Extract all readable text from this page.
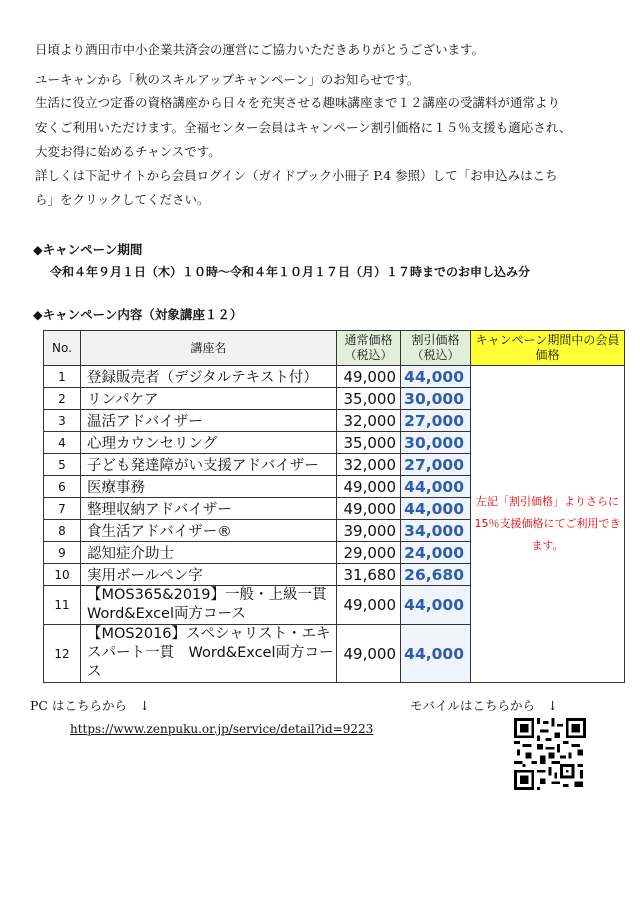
日頃より酒田市中小企業共済会の運営にご協力いただきありがとうございます。
ユーキャンから「秋のスキルアップキャンペーン」のお知らせです。
生活に役立つ定番の資格講座から日々を充実させる趣味講座まで１２講座の受講料が通常より
安くご利用いただけます。全福センター会員はキャンペーン割引価格に１５％支援も適応され、
大変お得に始めるチャンスです。
詳しくは下記サイトから会員ログイン（ガイドブック小冊子 P.4 参照）して「お申込みはこち
ら」をクリックしてください。
◆キャンペーン期間
令和４年９月１日（木）１０時～令和４年１０月１７日（月）１７時までのお申し込み分
◆キャンペーン内容（対象講座１２）
No.	講座名	通常価格（税込）	割引価格（税込）	キャンペーン期間中の会員価格
1	登録販売者（デジタルテキスト付）	49,000	44,000	左記「割引価格」よりさらに 15％支援価格にてご利用できます。
2	リンパケア	35,000	30,000	
3	温活アドバイザー	32,000	27,000	
4	心理カウンセリング	35,000	30,000	
5	子ども発達障がい支援アドバイザー	32,000	27,000	
6	医療事務	49,000	44,000	
7	整理収納アドバイザー	49,000	44,000	
8	食生活アドバイザー®	39,000	34,000	
9	認知症介助士	29,000	24,000	
10	実用ボールペン字	31,680	26,680	
11	【MOS365&2019】一般・上級一貫 Word&Excel両方コース	49,000	44,000	
12	【MOS2016】スペシャリスト・エキスパート一貫　Word&Excel両方コース	49,000	44,000	
PC はこちらから　↓
https://www.zenpuku.or.jp/service/detail?id=9223
モバイルはこちらから　↓
